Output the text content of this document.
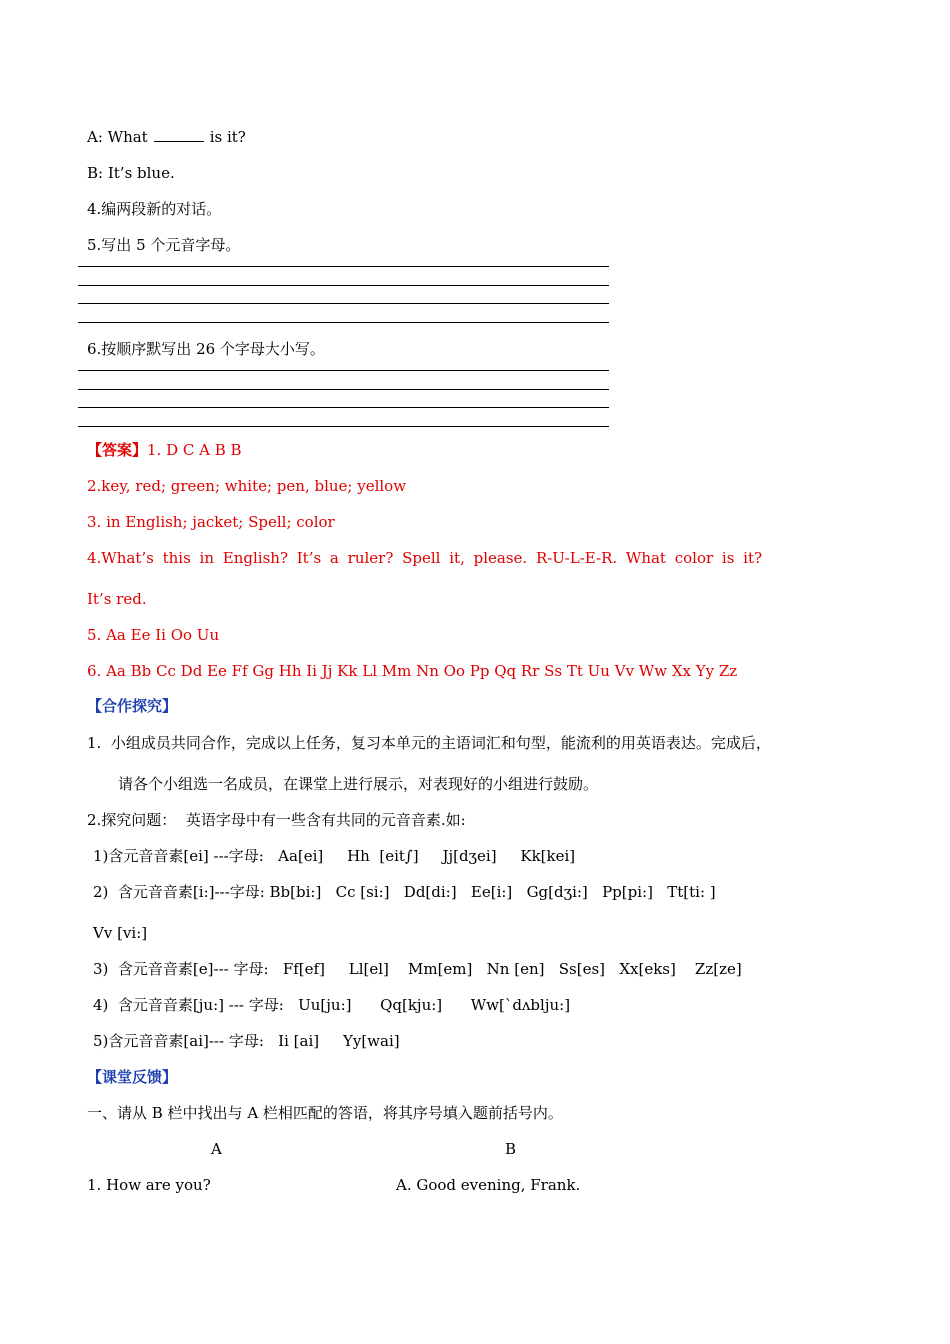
A: What	is it?
B: It’s blue.
4.编两段新的对话。
5.写出 5 个元音字母。
6.按顺序默写出 26 个字母大小写。
【答案】1. D C A B B
2.key, red; green; white; pen, blue; yellow
3. in English; jacket; Spell; color
4.What’s this in English? It’s a ruler? Spell it, please. R-U-L-E-R. What color is it?
It’s red.
5. Aa Ee Ii Oo Uu
6. Aa Bb Cc Dd Ee Ff Gg Hh Ii Jj Kk Ll Mm Nn Oo Pp Qq Rr Ss Tt Uu Vv Ww Xx Yy Zz
【合作探究】
1.  小组成员共同合作，完成以上任务，复习本单元的主语词汇和句型，能流利的用英语表达。完成后，
请各个小组选一名成员，在课堂上进行展示，对表现好的小组进行鼓励。
2.探究问题：  英语字母中有一些含有共同的元音音素.如:
1)含元音音素[ei] ---字母:   Aa[ei]     Hh  [eit∫]     Jj[dʒei]     Kk[kei]
2)  含元音音素[i:]---字母: Bb[bi:]   Cc [si:]   Dd[di:]   Ee[i:]   Gg[dʒi:]   Pp[pi:]   Tt[ti: ]
Vv [vi:]
3)  含元音音素[e]--- 字母:   Ff[ef]     Ll[el]    Mm[em]   Nn [en]   Ss[es]   Xx[eks]    Zz[ze]
4)  含元音音素[ju:] --- 字母:   Uu[ju:]      Qq[kju:]      Ww[`dʌblju:]
5)含元音音素[ai]--- 字母:   Ii [ai]     Yy[wai]
【课堂反馈】
一、请从 B 栏中找出与 A 栏相匹配的答语，将其序号填入题前括号内。
A	B
1. How are you?	A. Good evening, Frank.
